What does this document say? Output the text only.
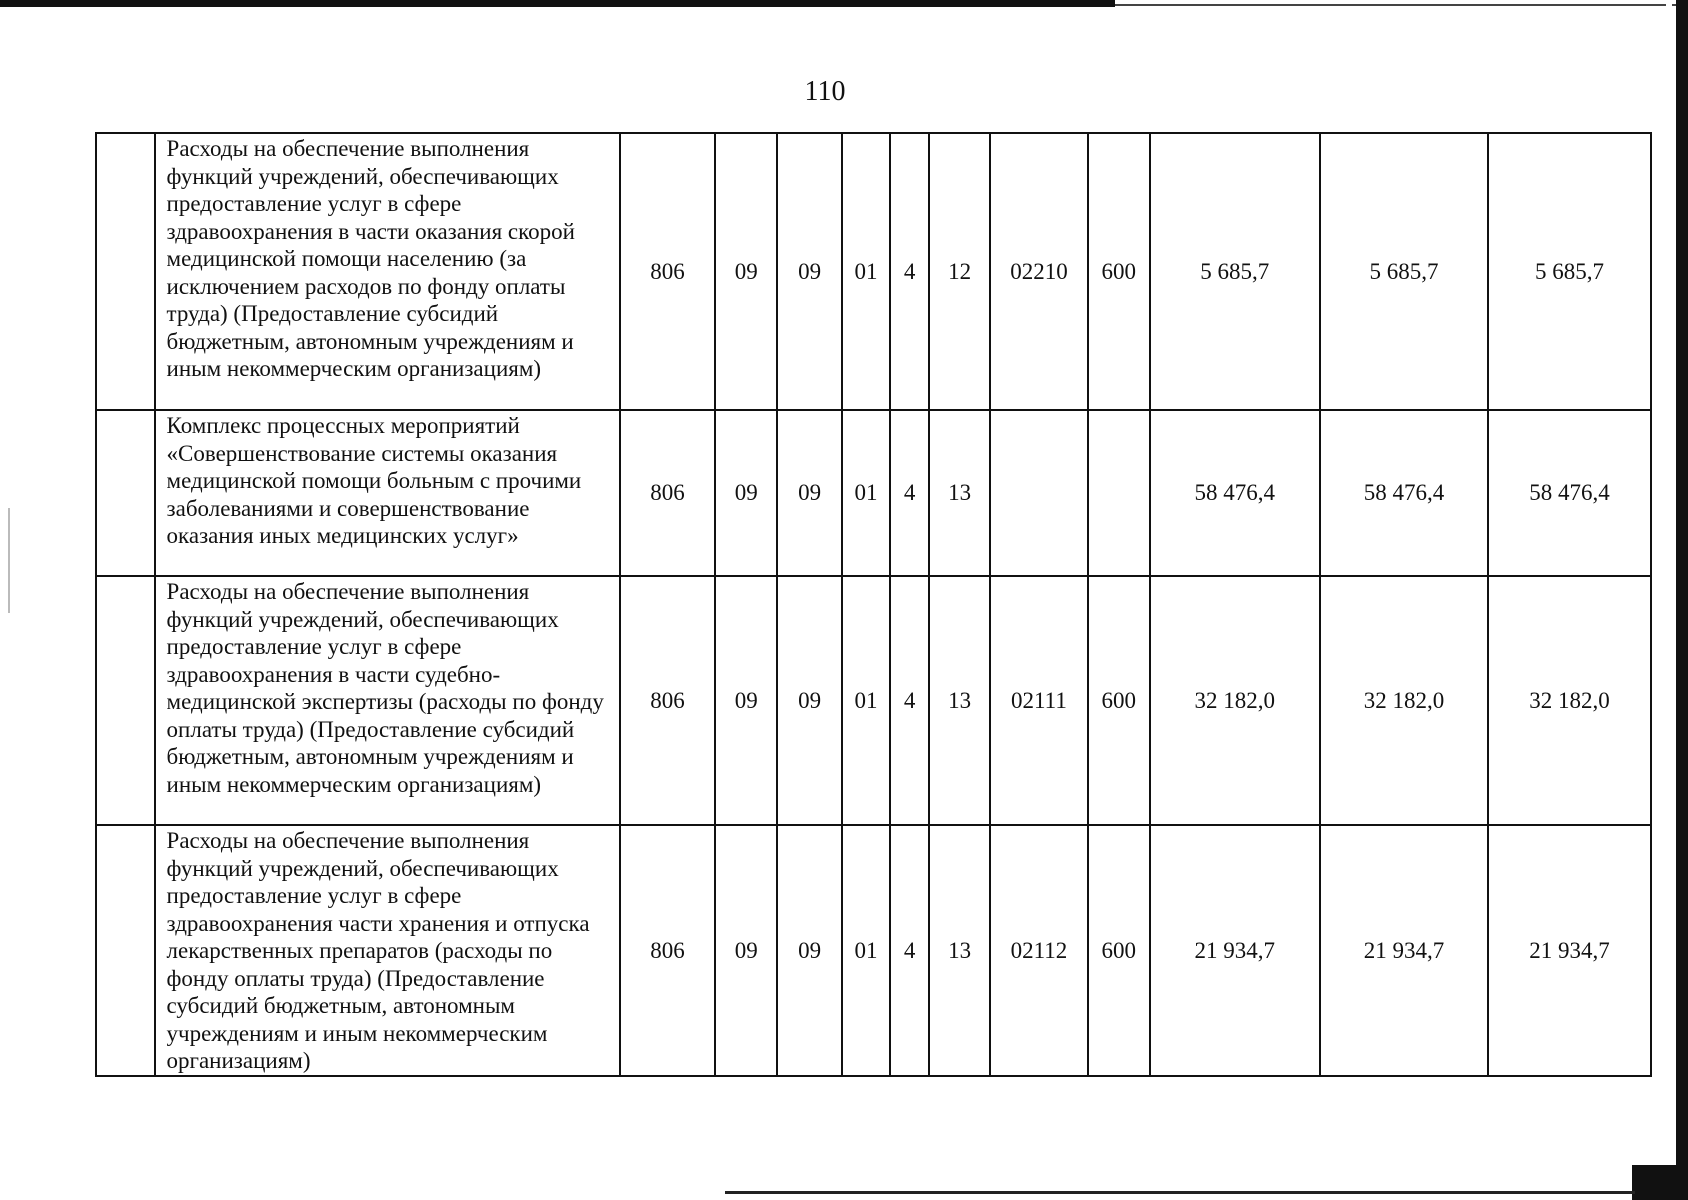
110
	Расходы на обеспечение выполнения функций учреждений, обеспечивающих предоставление услуг в сфере здравоохранения в части оказания скорой медицинской помощи населению (за исключением расходов по фонду оплаты труда) (Предоставление субсидий бюджетным, автономным учреждениям и иным некоммерческим организациям)	806	09	09	01	4	12	02210	600	5 685,7	5 685,7	5 685,7
	Комплекс процессных мероприятий «Совершенствование системы оказания медицинской помощи больным с прочими заболеваниями и совершенствование оказания иных медицинских услуг»	806	09	09	01	4	13			58 476,4	58 476,4	58 476,4
	Расходы на обеспечение выполнения функций учреждений, обеспечивающих предоставление услуг в сфере здравоохранения в части судебно-медицинской экспертизы (расходы по фонду оплаты труда) (Предоставление субсидий бюджетным, автономным учреждениям и иным некоммерческим организациям)	806	09	09	01	4	13	02111	600	32 182,0	32 182,0	32 182,0
	Расходы на обеспечение выполнения функций учреждений, обеспечивающих предоставление услуг в сфере здравоохранения части хранения и отпуска лекарственных препаратов (расходы по фонду оплаты труда) (Предоставление субсидий бюджетным, автономным учреждениям и иным некоммерческим организациям)	806	09	09	01	4	13	02112	600	21 934,7	21 934,7	21 934,7
